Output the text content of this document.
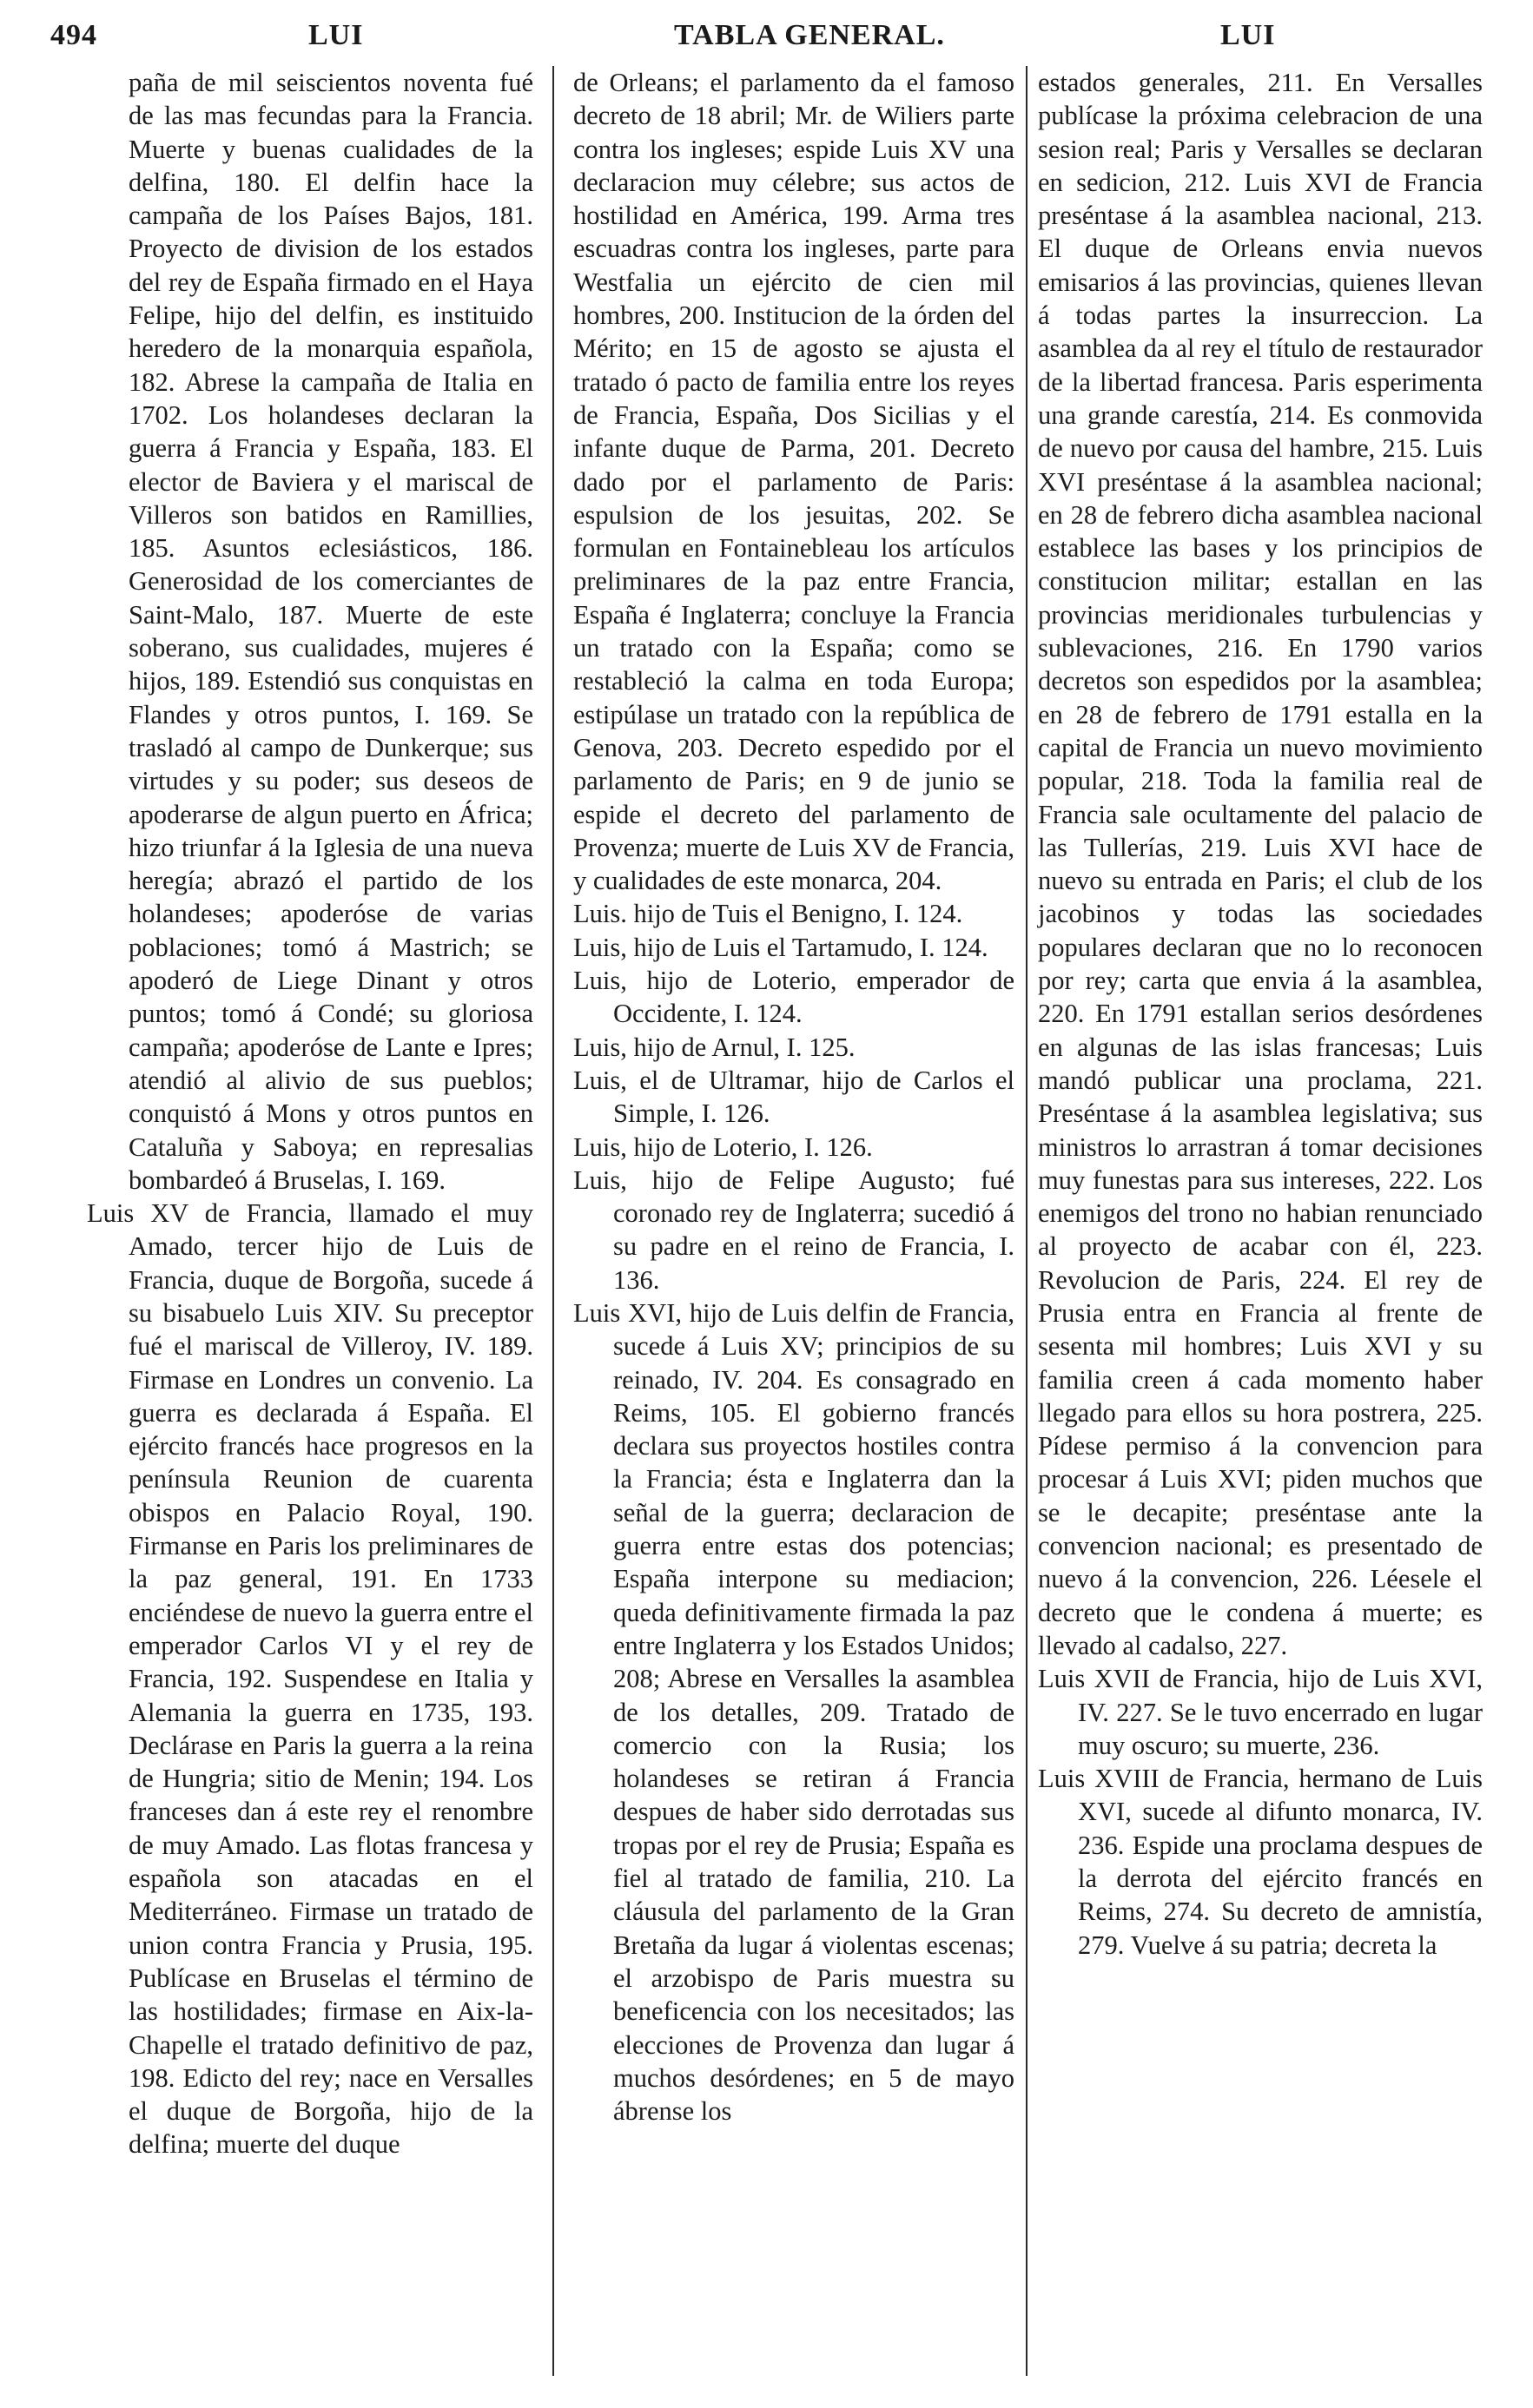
494	LUI	TABLA GENERAL.	LUI

paña de mil seiscientos noventa fué de las mas fecundas para la Francia. Muerte y buenas cualidades de la delfina, 180. El delfin hace la campaña de los Países Bajos, 181. Proyecto de division de los estados del rey de España firmado en el Haya Felipe, hijo del delfin, es instituido heredero de la monarquia española, 182. Abrese la campaña de Italia en 1702. Los holandeses declaran la guerra á Francia y España, 183. El elector de Baviera y el mariscal de Villeros son batidos en Ramillies, 185. Asuntos eclesiásticos, 186. Generosidad de los comerciantes de Saint-Malo, 187. Muerte de este soberano, sus cualidades, mujeres é hijos, 189. Estendió sus conquistas en Flandes y otros puntos, I. 169. Se trasladó al campo de Dunkerque; sus virtudes y su poder; sus deseos de apoderarse de algun puerto en África; hizo triunfar á la Iglesia de una nueva heregía; abrazó el partido de los holandeses; apoderóse de varias poblaciones; tomó á Mastrich; se apoderó de Liege Dinant y otros puntos; tomó á Condé; su gloriosa campaña; apoderóse de Lante e Ipres; atendió al alivio de sus pueblos; conquistó á Mons y otros puntos en Cataluña y Saboya; en represalias bombardeó á Bruselas, I. 169.

Luis XV de Francia, llamado el muy Amado, tercer hijo de Luis de Francia, duque de Borgoña, sucede á su bisabuelo Luis XIV. Su preceptor fué el mariscal de Villeroy, IV. 189. Firmase en Londres un convenio. La guerra es declarada á España. El ejército francés hace progresos en la península Reunion de cuarenta obispos en Palacio Royal, 190. Firmanse en Paris los preliminares de la paz general, 191. En 1733 enciéndese de nuevo la guerra entre el emperador Carlos VI y el rey de Francia, 192. Suspendese en Italia y Alemania la guerra en 1735, 193. Declárase en Paris la guerra a la reina de Hungria; sitio de Menin; 194. Los franceses dan á este rey el renombre de muy Amado. Las flotas francesa y española son atacadas en el Mediterráneo. Firmase un tratado de union contra Francia y Prusia, 195. Publícase en Bruselas el término de las hostilidades; firmase en Aix-la-Chapelle el tratado definitivo de paz, 198. Edicto del rey; nace en Versalles el duque de Borgoña, hijo de la delfina; muerte del duque

de Orleans; el parlamento da el famoso decreto de 18 abril; Mr. de Wiliers parte contra los ingleses; espide Luis XV una declaracion muy célebre; sus actos de hostilidad en América, 199. Arma tres escuadras contra los ingleses, parte para Westfalia un ejército de cien mil hombres, 200. Institucion de la órden del Mérito; en 15 de agosto se ajusta el tratado ó pacto de familia entre los reyes de Francia, España, Dos Sicilias y el infante duque de Parma, 201. Decreto dado por el parlamento de Paris: espulsion de los jesuitas, 202. Se formulan en Fontainebleau los artículos preliminares de la paz entre Francia, España é Inglaterra; concluye la Francia un tratado con la España; como se restableció la calma en toda Europa; estipúlase un tratado con la república de Genova, 203. Decreto espedido por el parlamento de Paris; en 9 de junio se espide el decreto del parlamento de Provenza; muerte de Luis XV de Francia, y cualidades de este monarca, 204.

Luis. hijo de Tuis el Benigno, I. 124.

Luis, hijo de Luis el Tartamudo, I. 124.

Luis, hijo de Loterio, emperador de Occidente, I. 124.

Luis, hijo de Arnul, I. 125.

Luis, el de Ultramar, hijo de Carlos el Simple, I. 126.

Luis, hijo de Loterio, I. 126.

Luis, hijo de Felipe Augusto; fué coronado rey de Inglaterra; sucedió á su padre en el reino de Francia, I. 136.

Luis XVI, hijo de Luis delfin de Francia, sucede á Luis XV; principios de su reinado, IV. 204. Es consagrado en Reims, 105. El gobierno francés declara sus proyectos hostiles contra la Francia; ésta e Inglaterra dan la señal de la guerra; declaracion de guerra entre estas dos potencias; España interpone su mediacion; queda definitivamente firmada la paz entre Inglaterra y los Estados Unidos; 208; Abrese en Versalles la asamblea de los detalles, 209. Tratado de comercio con la Rusia; los holandeses se retiran á Francia despues de haber sido derrotadas sus tropas por el rey de Prusia; España es fiel al tratado de familia, 210. La cláusula del parlamento de la Gran Bretaña da lugar á violentas escenas; el arzobispo de Paris muestra su beneficencia con los necesitados; las elecciones de Provenza dan lugar á muchos desórdenes; en 5 de mayo ábrense los

estados generales, 211. En Versalles publícase la próxima celebracion de una sesion real; Paris y Versalles se declaran en sedicion, 212. Luis XVI de Francia preséntase á la asamblea nacional, 213. El duque de Orleans envia nuevos emisarios á las provincias, quienes llevan á todas partes la insurreccion. La asamblea da al rey el título de restaurador de la libertad francesa. Paris esperimenta una grande carestía, 214. Es conmovida de nuevo por causa del hambre, 215. Luis XVI preséntase á la asamblea nacional; en 28 de febrero dicha asamblea nacional establece las bases y los principios de constitucion militar; estallan en las provincias meridionales turbulencias y sublevaciones, 216. En 1790 varios decretos son espedidos por la asamblea; en 28 de febrero de 1791 estalla en la capital de Francia un nuevo movimiento popular, 218. Toda la familia real de Francia sale ocultamente del palacio de las Tullerías, 219. Luis XVI hace de nuevo su entrada en Paris; el club de los jacobinos y todas las sociedades populares declaran que no lo reconocen por rey; carta que envia á la asamblea, 220. En 1791 estallan serios desórdenes en algunas de las islas francesas; Luis mandó publicar una proclama, 221. Preséntase á la asamblea legislativa; sus ministros lo arrastran á tomar decisiones muy funestas para sus intereses, 222. Los enemigos del trono no habian renunciado al proyecto de acabar con él, 223. Revolucion de Paris, 224. El rey de Prusia entra en Francia al frente de sesenta mil hombres; Luis XVI y su familia creen á cada momento haber llegado para ellos su hora postrera, 225. Pídese permiso á la convencion para procesar á Luis XVI; piden muchos que se le decapite; preséntase ante la convencion nacional; es presentado de nuevo á la convencion, 226. Léesele el decreto que le condena á muerte; es llevado al cadalso, 227.

Luis XVII de Francia, hijo de Luis XVI, IV. 227. Se le tuvo encerrado en lugar muy oscuro; su muerte, 236.

Luis XVIII de Francia, hermano de Luis XVI, sucede al difunto monarca, IV. 236. Espide una proclama despues de la derrota del ejército francés en Reims, 274. Su decreto de amnistía, 279. Vuelve á su patria; decreta la
